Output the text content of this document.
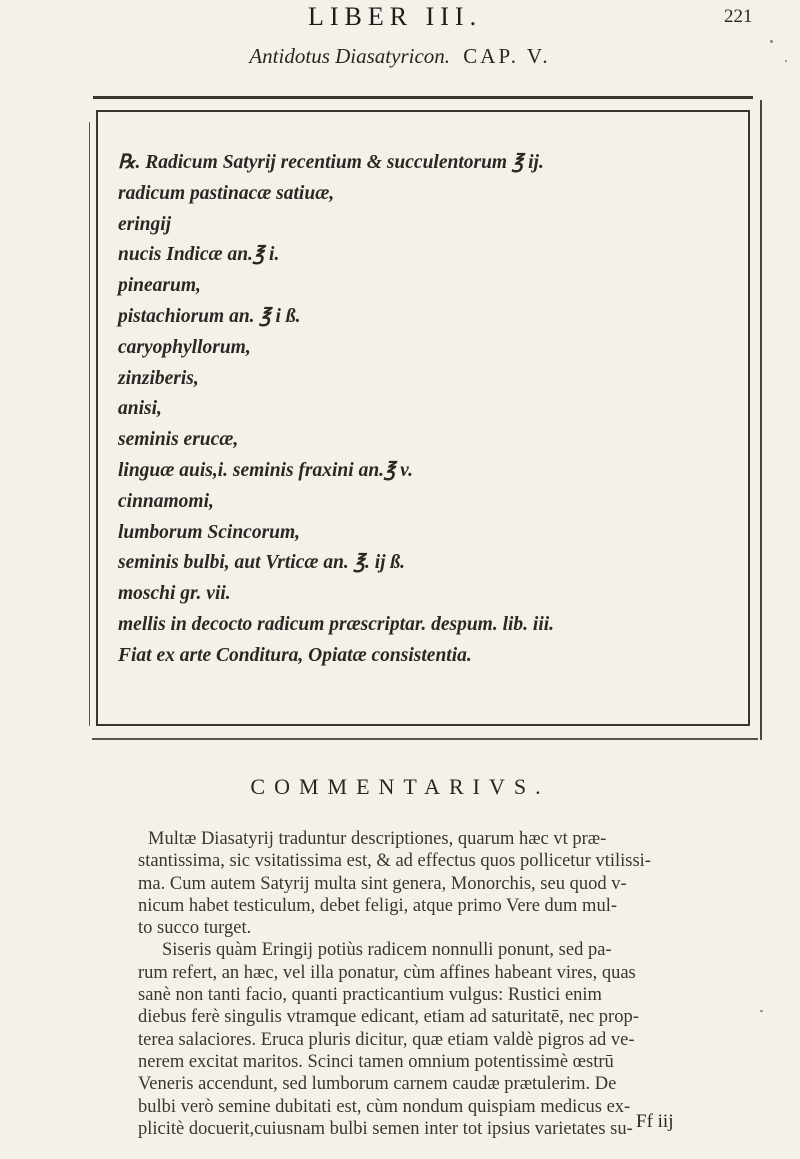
LIBER III.	221
Antidotus Diasatyricon. CAP. V.
℞. Radicum Satyrij recentium & succulentorum ℥ ij.
radicum pastinacæ satiuæ,
eringij
nucis Indicæ an.℥ i.
pinearum,
pistachiorum an. ℥ i ß.
caryophyllorum,
zinziberis,
anisi,
seminis erucæ,
linguæ auis,i. seminis fraxini an.℥ v.
cinnamomi,
lumborum Scincorum,
seminis bulbi, aut Vrticæ an. ℥. ij ß.
moschi gr. vii.
mellis in decocto radicum præscriptar. despum. lib. iii.
Fiat ex arte Conditura, Opiatæ consistentia.
COMMENTARIVS.
Multæ Diasatyrij traduntur descriptiones, quarum hæc vt præ-
stantissima, sic vsitatissima est, & ad effectus quos pollicetur vtilissi-
ma. Cum autem Satyrij multa sint genera, Monorchis, seu quod v-
nicum habet testiculum, debet feligi, atque primo Vere dum mul-
to succo turget.
Siseris quàm Eringij potiùs radicem nonnulli ponunt, sed pa-
rum refert, an hæc, vel illa ponatur, cùm affines habeant vires, quas
sanè non tanti facio, quanti practicantium vulgus: Rustici enim
diebus ferè singulis vtramque edicant, etiam ad saturitatē, nec prop-
terea salaciores. Eruca pluris dicitur, quæ etiam valdè pigros ad ve-
nerem excitat maritos. Scinci tamen omnium potentissimè œstrū
Veneris accendunt, sed lumborum carnem caudæ prætulerim. De
bulbi verò semine dubitati est, cùm nondum quispiam medicus ex-
plicitè docuerit,cuiusnam bulbi semen inter tot ipsius varietates su- Ff iij
